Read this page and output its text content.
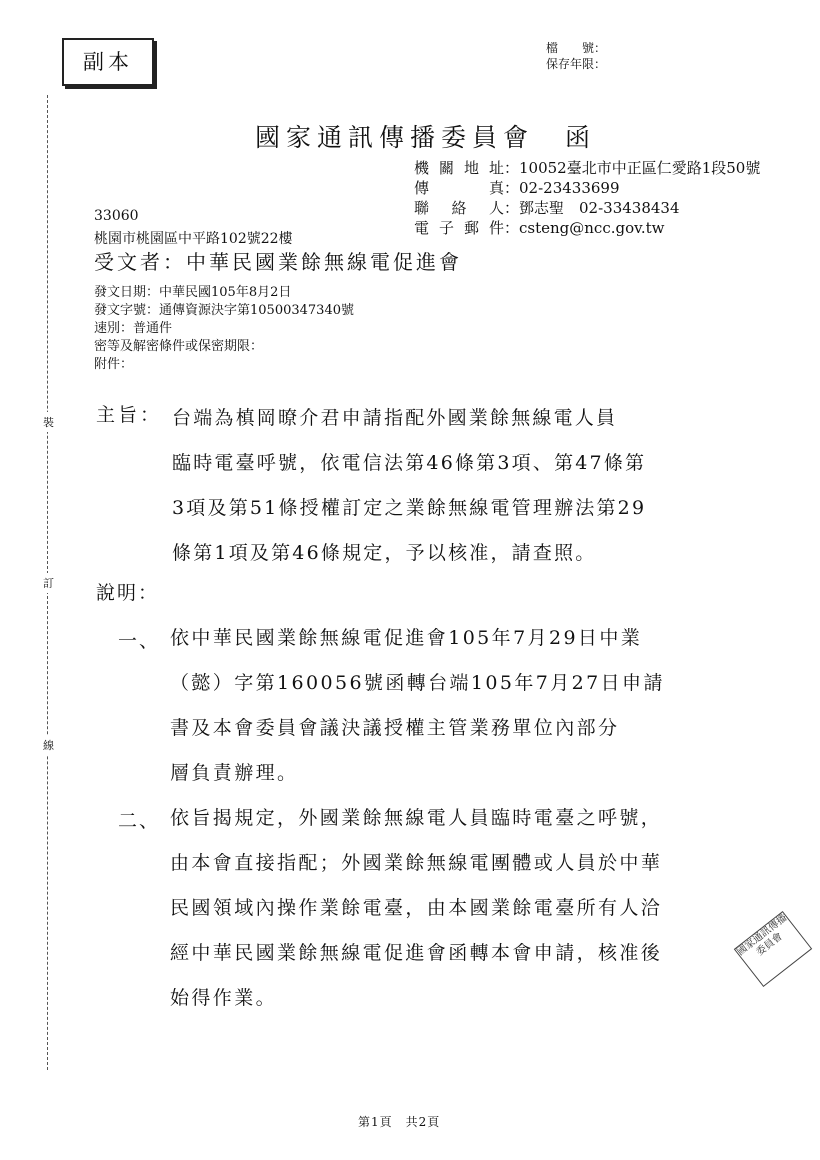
副本
檔　　號：
保存年限：
國家通訊傳播委員會　函
機關地址：10052臺北市中正區仁愛路1段50號
傳　真：02-23433699
聯絡人：鄧志聖　02-33438434
電子郵件：csteng@ncc.gov.tw
33060
桃園市桃園區中平路102號22樓
受文者：中華民國業餘無線電促進會
發文日期：中華民國105年8月2日
發文字號：通傳資源決字第10500347340號
速別：普通件
密等及解密條件或保密期限：
附件：
主旨： 台端為槙岡暸介君申請指配外國業餘無線電人員
臨時電臺呼號，依電信法第46條第3項、第47條第
3項及第51條授權訂定之業餘無線電管理辦法第29
條第1項及第46條規定，予以核准，請查照。
說明：
一、 依中華民國業餘無線電促進會105年7月29日中業
（懿）字第160056號函轉台端105年7月27日申請
書及本會委員會議決議授權主管業務單位內部分
層負責辦理。
二、 依旨揭規定，外國業餘無線電人員臨時電臺之呼號，
由本會直接指配；外國業餘無線電團體或人員於中華
民國領域內操作業餘電臺，由本國業餘電臺所有人洽
經中華民國業餘無線電促進會函轉本會申請，核准後
始得作業。
裝
訂
線
國家通訊傳播委員會
第1頁　共2頁
